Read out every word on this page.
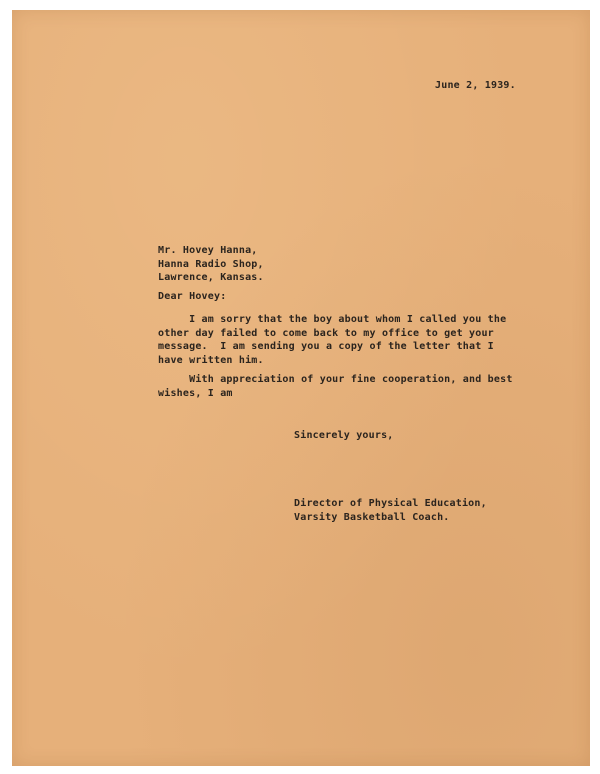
June 2, 1939.
Mr. Hovey Hanna,
Hanna Radio Shop,
Lawrence, Kansas.
Dear Hovey:
I am sorry that the boy about whom I called you the
other day failed to come back to my office to get your
message.  I am sending you a copy of the letter that I
have written him.
With appreciation of your fine cooperation, and best
wishes, I am
Sincerely yours,
Director of Physical Education,
Varsity Basketball Coach.
